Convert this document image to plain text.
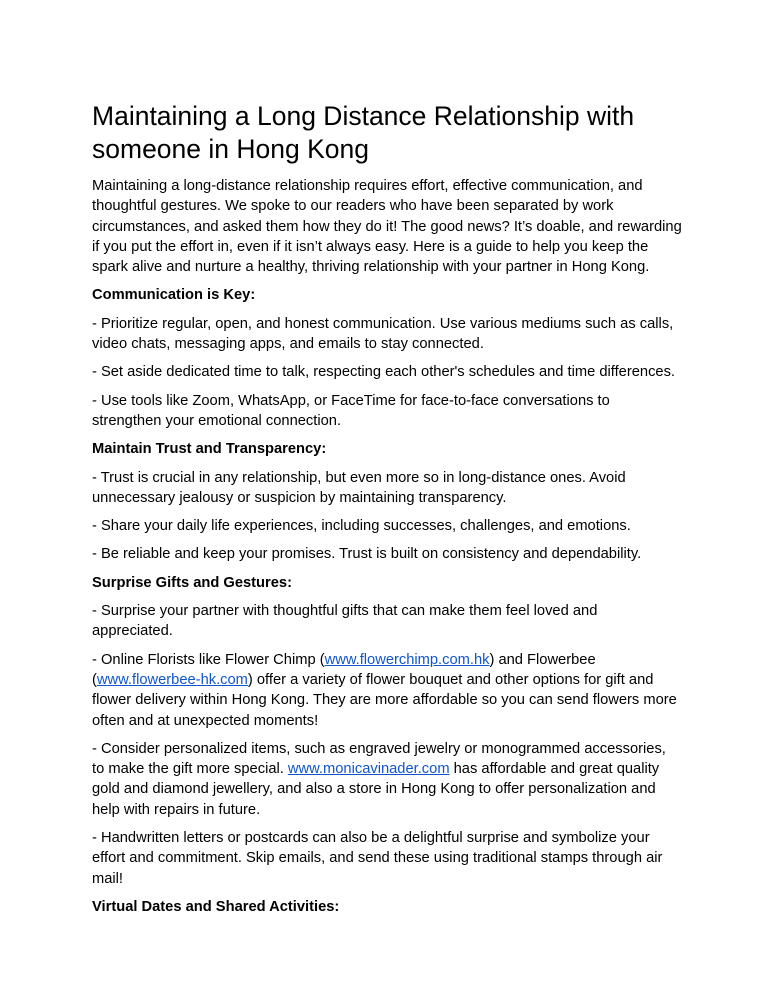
Maintaining a Long Distance Relationship with someone in Hong Kong

Maintaining a long-distance relationship requires effort, effective communication, and thoughtful gestures. We spoke to our readers who have been separated by work circumstances, and asked them how they do it! The good news? It’s doable, and rewarding if you put the effort in, even if it isn’t always easy. Here is a guide to help you keep the spark alive and nurture a healthy, thriving relationship with your partner in Hong Kong.

Communication is Key:

- Prioritize regular, open, and honest communication. Use various mediums such as calls, video chats, messaging apps, and emails to stay connected.

- Set aside dedicated time to talk, respecting each other's schedules and time differences.

- Use tools like Zoom, WhatsApp, or FaceTime for face-to-face conversations to strengthen your emotional connection.

Maintain Trust and Transparency:

- Trust is crucial in any relationship, but even more so in long-distance ones. Avoid unnecessary jealousy or suspicion by maintaining transparency.

- Share your daily life experiences, including successes, challenges, and emotions.

- Be reliable and keep your promises. Trust is built on consistency and dependability.

Surprise Gifts and Gestures:

- Surprise your partner with thoughtful gifts that can make them feel loved and appreciated.

- Online Florists like Flower Chimp (www.flowerchimp.com.hk) and Flowerbee (www.flowerbee-hk.com) offer a variety of flower bouquet and other options for gift and flower delivery within Hong Kong. They are more affordable so you can send flowers more often and at unexpected moments!

- Consider personalized items, such as engraved jewelry or monogrammed accessories, to make the gift more special. www.monicavinader.com has affordable and great quality gold and diamond jewellery, and also a store in Hong Kong to offer personalization and help with repairs in future.

- Handwritten letters or postcards can also be a delightful surprise and symbolize your effort and commitment. Skip emails, and send these using traditional stamps through air mail!

Virtual Dates and Shared Activities:
